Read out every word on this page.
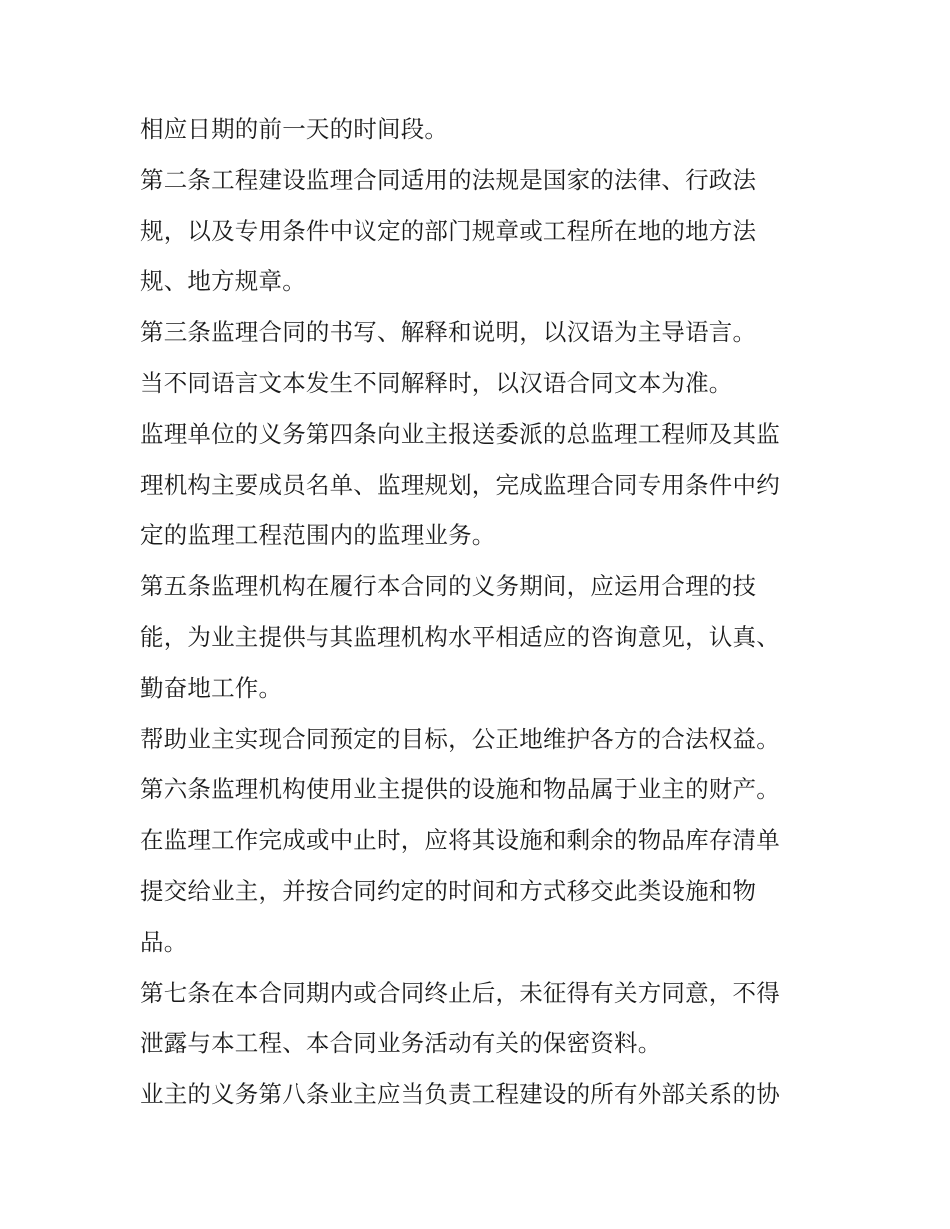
相应日期的前一天的时间段。
第二条工程建设监理合同适用的法规是国家的法律、行政法
规，以及专用条件中议定的部门规章或工程所在地的地方法
规、地方规章。
第三条监理合同的书写、解释和说明，以汉语为主导语言。
当不同语言文本发生不同解释时，以汉语合同文本为准。
监理单位的义务第四条向业主报送委派的总监理工程师及其监
理机构主要成员名单、监理规划，完成监理合同专用条件中约
定的监理工程范围内的监理业务。
第五条监理机构在履行本合同的义务期间，应运用合理的技
能，为业主提供与其监理机构水平相适应的咨询意见，认真、
勤奋地工作。
帮助业主实现合同预定的目标，公正地维护各方的合法权益。
第六条监理机构使用业主提供的设施和物品属于业主的财产。
在监理工作完成或中止时，应将其设施和剩余的物品库存清单
提交给业主，并按合同约定的时间和方式移交此类设施和物
品。
第七条在本合同期内或合同终止后，未征得有关方同意，不得
泄露与本工程、本合同业务活动有关的保密资料。
业主的义务第八条业主应当负责工程建设的所有外部关系的协
